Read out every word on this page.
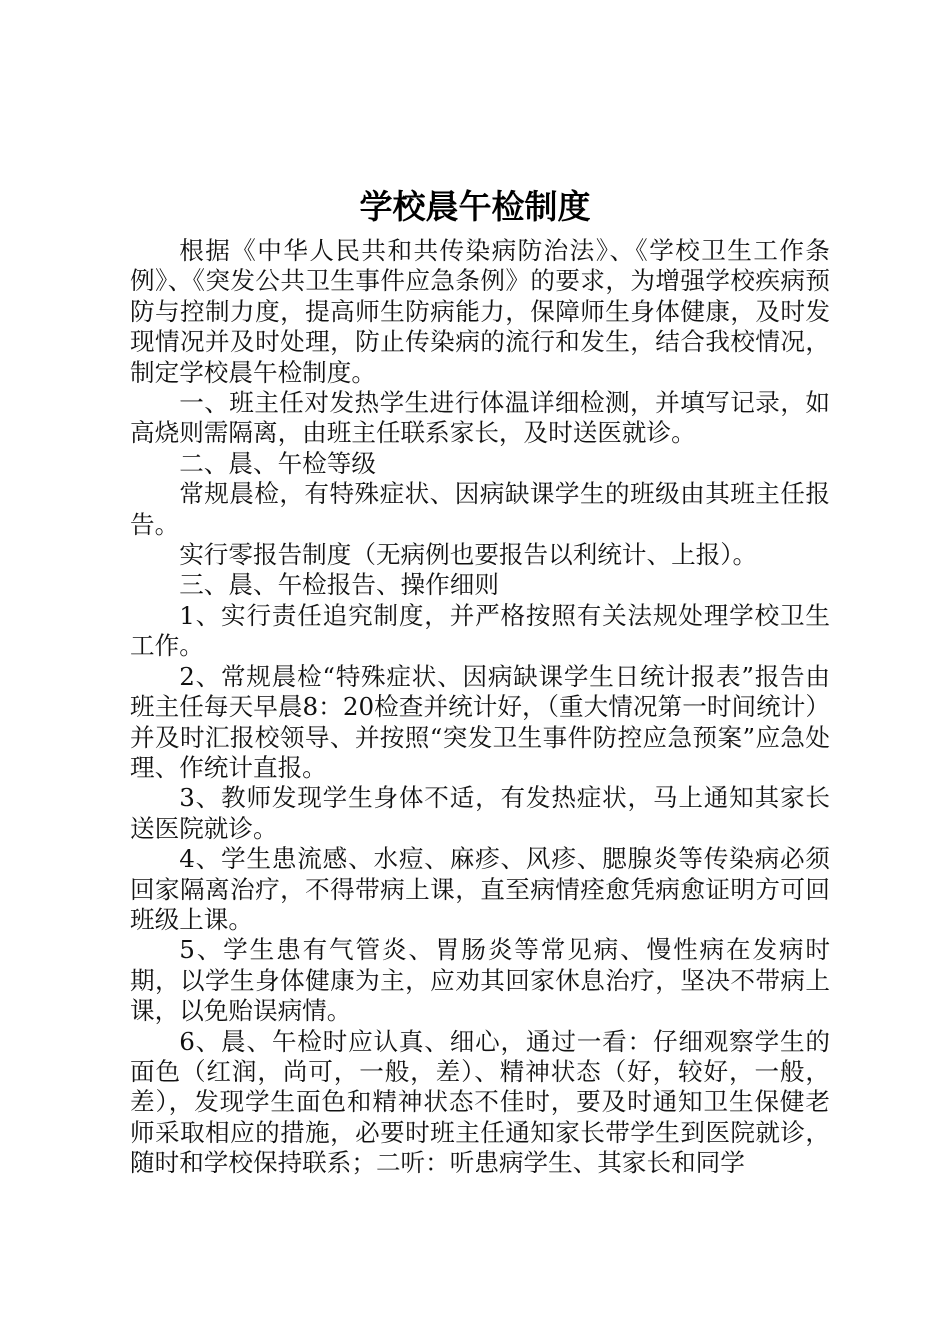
学校晨午检制度

根据《中华人民共和共传染病防治法》、《学校卫生工作条例》、《突发公共卫生事件应急条例》的要求，为增强学校疾病预防与控制力度，提高师生防病能力，保障师生身体健康，及时发现情况并及时处理，防止传染病的流行和发生，结合我校情况，制定学校晨午检制度。

一、班主任对发热学生进行体温详细检测，并填写记录，如高烧则需隔离，由班主任联系家长，及时送医就诊。

二、晨、午检等级

常规晨检，有特殊症状、因病缺课学生的班级由其班主任报告。

实行零报告制度（无病例也要报告以利统计、上报）。

三、晨、午检报告、操作细则

1、实行责任追究制度，并严格按照有关法规处理学校卫生工作。

2、常规晨检“特殊症状、因病缺课学生日统计报表”报告由班主任每天早晨8：20检查并统计好，（重大情况第一时间统计）并及时汇报校领导、并按照“突发卫生事件防控应急预案”应急处理、作统计直报。

3、教师发现学生身体不适，有发热症状，马上通知其家长送医院就诊。

4、学生患流感、水痘、麻疹、风疹、腮腺炎等传染病必须回家隔离治疗，不得带病上课，直至病情痊愈凭病愈证明方可回班级上课。

5、学生患有气管炎、胃肠炎等常见病、慢性病在发病时期，以学生身体健康为主，应劝其回家休息治疗，坚决不带病上课，以免贻误病情。

6、晨、午检时应认真、细心，通过一看：仔细观察学生的面色（红润，尚可，一般，差）、精神状态（好，较好，一般，差），发现学生面色和精神状态不佳时，要及时通知卫生保健老师采取相应的措施，必要时班主任通知家长带学生到医院就诊，随时和学校保持联系；二听：听患病学生、其家长和同学
